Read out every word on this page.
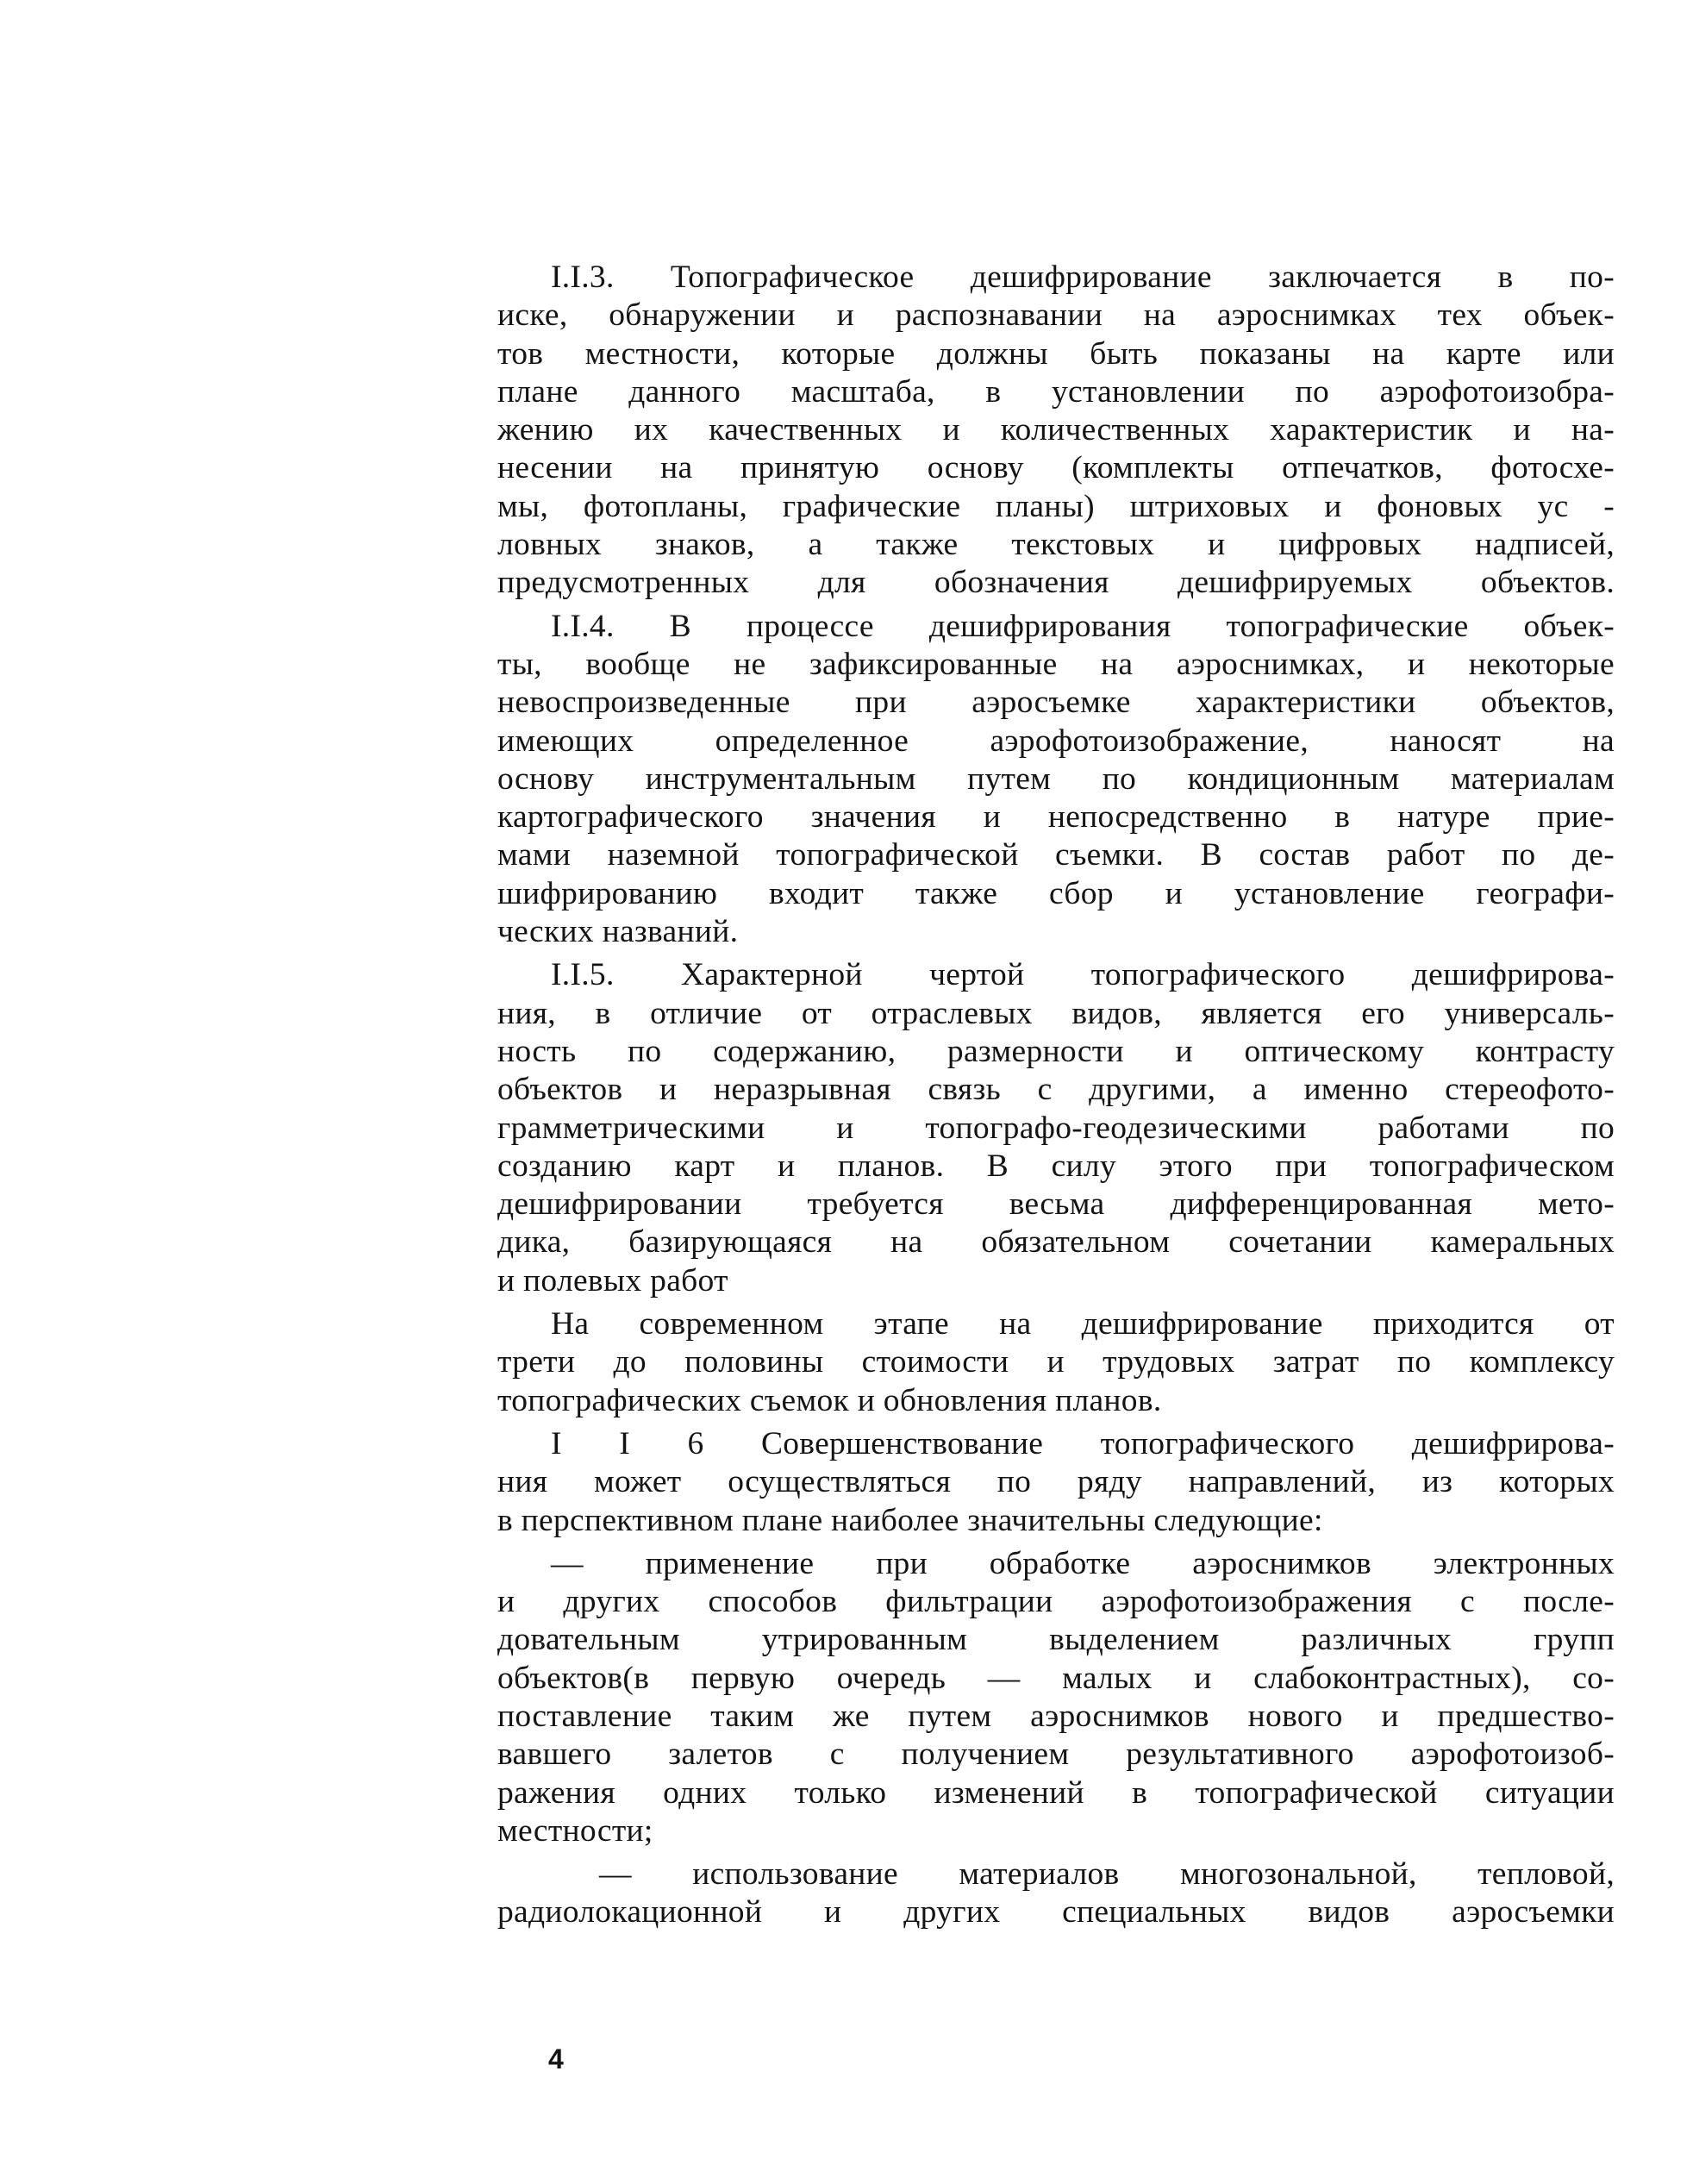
I.I.3. Топографическое дешифрирование заключается в по-
иске, обнаружении и распознавании на аэроснимках тех объек-
тов местности, которые должны быть показаны на карте или
плане данного масштаба, в установлении по аэрофотоизобра-
жению их качественных и количественных характеристик и на-
несении на принятую основу (комплекты отпечатков, фотосхе-
мы, фотопланы, графические планы) штриховых и фоновых ус -
ловных знаков, а также текстовых и цифровых надписей,
предусмотренных для обозначения дешифрируемых объектов.
I.I.4. В процессе дешифрирования топографические объек-
ты, вообще не зафиксированные на аэроснимках, и некоторые
невоспроизведенные при аэросъемке характеристики объектов,
имеющих определенное аэрофотоизображение, наносят на
основу инструментальным путем по кондиционным материалам
картографического значения и непосредственно в натуре прие-
мами наземной топографической съемки. В состав работ по де-
шифрированию входит также сбор и установление географи-
ческих названий.
I.I.5. Характерной чертой топографического дешифрирова-
ния, в отличие от отраслевых видов, является его универсаль-
ность по содержанию, размерности и оптическому контрасту
объектов и неразрывная связь с другими, а именно стереофото-
грамметрическими и топографо-геодезическими работами по
созданию карт и планов. В силу этого при топографическом
дешифрировании требуется весьма дифференцированная мето-
дика, базирующаяся на обязательном сочетании камеральных
и полевых работ
На современном этапе на дешифрирование приходится от
трети до половины стоимости и трудовых затрат по комплексу
топографических съемок и обновления планов.
I I 6 Совершенствование топографического дешифрирова-
ния может осуществляться по ряду направлений, из которых
в перспективном плане наиболее значительны следующие:
— применение при обработке аэроснимков электронных
и других способов фильтрации аэрофотоизображения с после-
довательным утрированным выделением различных групп
объектов(в первую очередь — малых и слабоконтрастных), со-
поставление таким же путем аэроснимков нового и предшество-
вавшего залетов с получением результативного аэрофотоизоб-
ражения одних только изменений в топографической ситуации
местности;
— использование материалов многозональной, тепловой,
радиолокационной и других специальных видов аэросъемки
4
